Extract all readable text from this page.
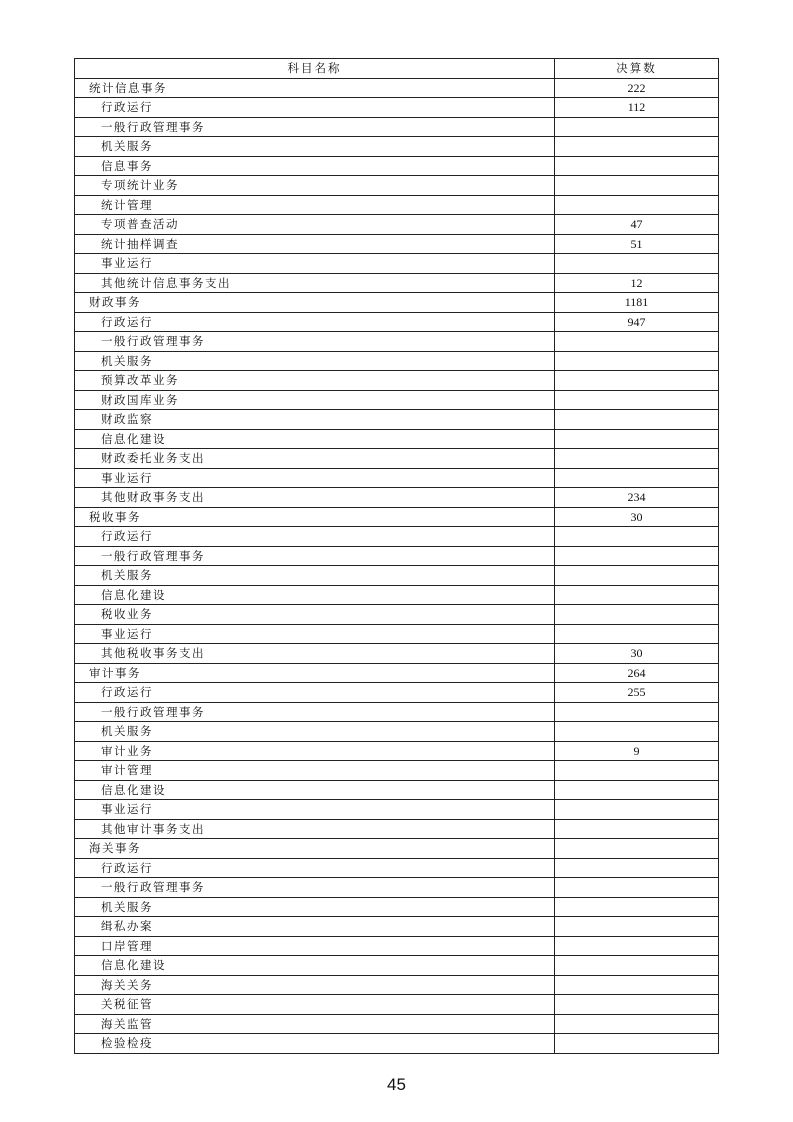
科目名称	决算数
统计信息事务	222
行政运行	112
一般行政管理事务	
机关服务	
信息事务	
专项统计业务	
统计管理	
专项普查活动	47
统计抽样调查	51
事业运行	
其他统计信息事务支出	12
财政事务	1181
行政运行	947
一般行政管理事务	
机关服务	
预算改革业务	
财政国库业务	
财政监察	
信息化建设	
财政委托业务支出	
事业运行	
其他财政事务支出	234
税收事务	30
行政运行	
一般行政管理事务	
机关服务	
信息化建设	
税收业务	
事业运行	
其他税收事务支出	30
审计事务	264
行政运行	255
一般行政管理事务	
机关服务	
审计业务	9
审计管理	
信息化建设	
事业运行	
其他审计事务支出	
海关事务	
行政运行	
一般行政管理事务	
机关服务	
缉私办案	
口岸管理	
信息化建设	
海关关务	
关税征管	
海关监管	
检验检疫	
45
